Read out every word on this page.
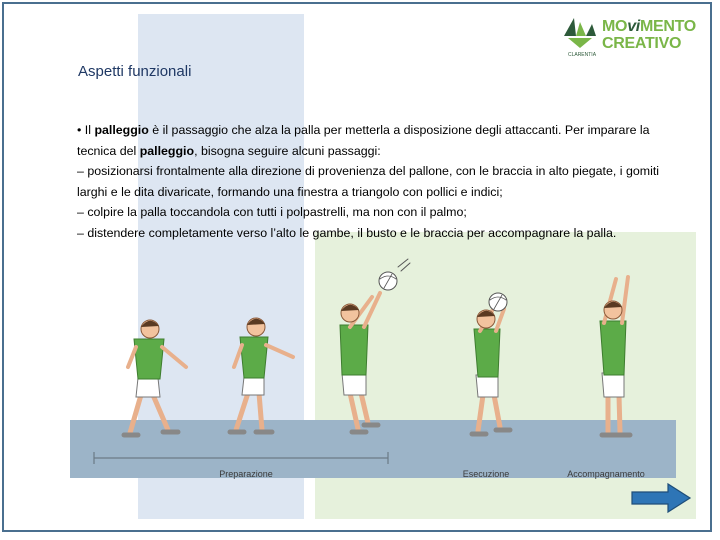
CLARENTIA
MOviMENTO
CREATIVO
Aspetti funzionali

• Il palleggio è il passaggio che alza la palla per metterla a disposizione degli attaccanti. Per imparare la tecnica del palleggio, bisogna seguire alcuni passaggi:

– posizionarsi frontalmente alla direzione di provenienza del pallone, con le braccia in alto piegate, i gomiti larghi e le dita divaricate, formando una finestra a triangolo con pollici e indici;

– colpire la palla toccandola con tutti i polpastrelli, ma non con il palmo;

– distendere completamente verso l’alto le gambe, il busto e le braccia per accompagnare la palla.

Preparazione	Esecuzione	Accompagnamento
